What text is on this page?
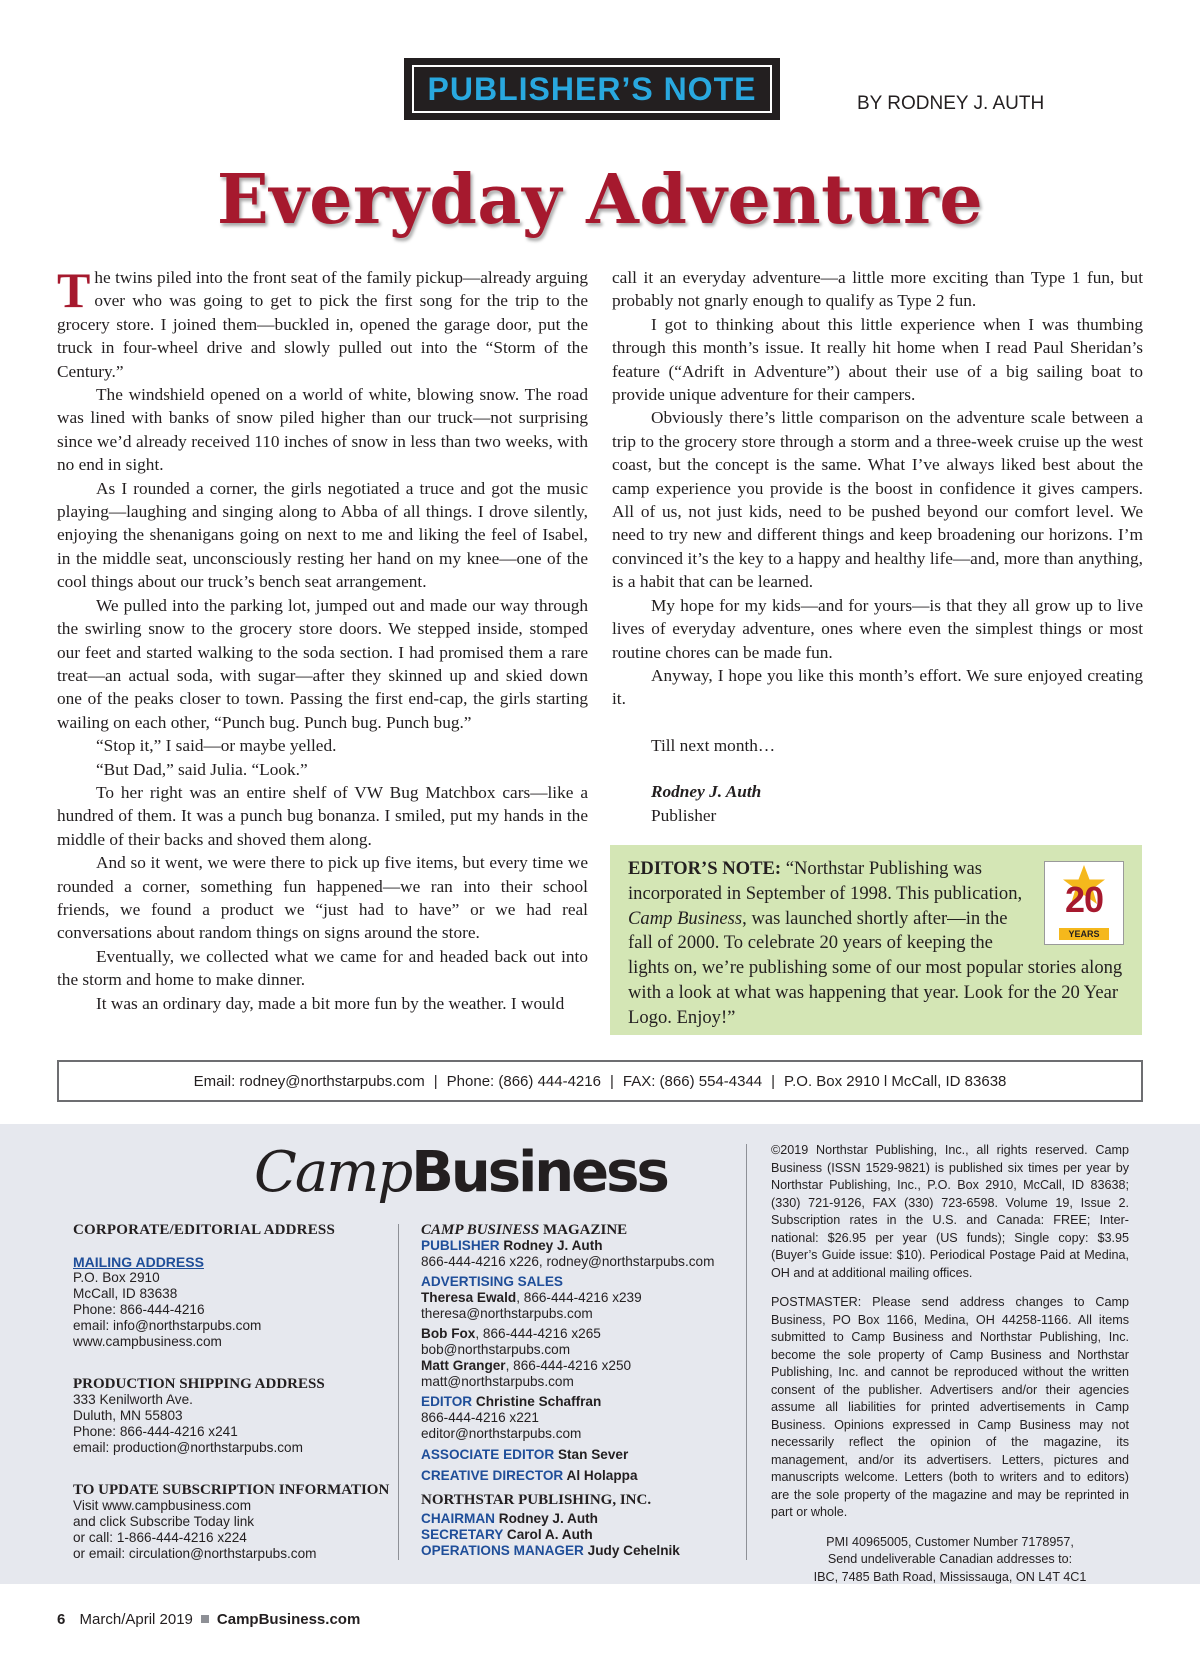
PUBLISHER’S NOTE	BY RODNEY J. AUTH
Everyday Adventure

The twins piled into the front seat of the family pickup—already arguing over who was going to get to pick the first song for the trip to the grocery store. I joined them—buckled in, opened the garage door, put the truck in four-wheel drive and slowly pulled out into the “Storm of the Century.”

The windshield opened on a world of white, blowing snow. The road was lined with banks of snow piled higher than our truck—not surprising since we’d already received 110 inches of snow in less than two weeks, with no end in sight.

As I rounded a corner, the girls negotiated a truce and got the music playing—laughing and singing along to Abba of all things. I drove silently, enjoying the shenanigans going on next to me and liking the feel of Isabel, in the middle seat, unconsciously resting her hand on my knee—one of the cool things about our truck’s bench seat arrangement.

We pulled into the parking lot, jumped out and made our way through the swirling snow to the grocery store doors. We stepped inside, stomped our feet and started walking to the soda section. I had promised them a rare treat—an actual soda, with sugar—after they skinned up and skied down one of the peaks closer to town. Passing the first end-cap, the girls starting wailing on each other, “Punch bug. Punch bug. Punch bug.”

“Stop it,” I said—or maybe yelled.

“But Dad,” said Julia. “Look.”

To her right was an entire shelf of VW Bug Matchbox cars—like a hundred of them. It was a punch bug bonanza. I smiled, put my hands in the middle of their backs and shoved them along.

And so it went, we were there to pick up five items, but every time we rounded a corner, something fun happened—we ran into their school friends, we found a product we “just had to have” or we had real conversations about random things on signs around the store.

Eventually, we collected what we came for and headed back out into the storm and home to make dinner.

It was an ordinary day, made a bit more fun by the weather. I would

call it an everyday adventure—a little more exciting than Type 1 fun, but probably not gnarly enough to qualify as Type 2 fun.

I got to thinking about this little experience when I was thumbing through this month’s issue. It really hit home when I read Paul Sheridan’s feature (“Adrift in Adventure”) about their use of a big sailing boat to provide unique adventure for their campers.

Obviously there’s little comparison on the adventure scale between a trip to the grocery store through a storm and a three-week cruise up the west coast, but the concept is the same. What I’ve always liked best about the camp experience you provide is the boost in confidence it gives campers. All of us, not just kids, need to be pushed beyond our comfort level. We need to try new and different things and keep broadening our horizons. I’m convinced it’s the key to a happy and healthy life—and, more than anything, is a habit that can be learned.

My hope for my kids—and for yours—is that they all grow up to live lives of everyday adventure, ones where even the simplest things or most routine chores can be made fun.

Anyway, I hope you like this month’s effort. We sure enjoyed creating it.

Till next month…

Rodney J. Auth

Publisher

20
YEARS
EDITOR’S NOTE: “Northstar Publishing was incorporated in September of 1998. This publication, Camp Business, was launched shortly after—in the fall of 2000. To celebrate 20 years of keeping the lights on, we’re publishing some of our most popular stories along with a look at what was happening that year. Look for the 20 Year Logo. Enjoy!”
Email: rodney@northstarpubs.com | Phone: (866) 444-4216 | FAX: (866) 554-4344 | P.O. Box 2910 l McCall, ID 83638
CampBusiness
CORPORATE/EDITORIAL ADDRESS
MAILING ADDRESS
P.O. Box 2910
McCall, ID 83638
Phone: 866-444-4216
email: info@northstarpubs.com
www.campbusiness.com
PRODUCTION SHIPPING ADDRESS
333 Kenilworth Ave.
Duluth, MN 55803
Phone: 866-444-4216 x241
email: production@northstarpubs.com
TO UPDATE SUBSCRIPTION INFORMATION
Visit www.campbusiness.com
and click Subscribe Today link
or call: 1-866-444-4216 x224
or email: circulation@northstarpubs.com
CAMP BUSINESS MAGAZINE
PUBLISHER Rodney J. Auth
866-444-4216 x226, rodney@northstarpubs.com
ADVERTISING SALES
Theresa Ewald, 866-444-4216 x239
theresa@northstarpubs.com
Bob Fox, 866-444-4216 x265
bob@northstarpubs.com
Matt Granger, 866-444-4216 x250
matt@northstarpubs.com
EDITOR Christine Schaffran
866-444-4216 x221
editor@northstarpubs.com
ASSOCIATE EDITOR Stan Sever
CREATIVE DIRECTOR Al Holappa
NORTHSTAR PUBLISHING, INC.
CHAIRMAN Rodney J. Auth
SECRETARY Carol A. Auth
OPERATIONS MANAGER Judy Cehelnik

©2019 Northstar Publishing, Inc., all rights reserved. Camp Business (ISSN 1529-9821) is published six times per year by Northstar Publishing, Inc., P.O. Box 2910, McCall, ID 83638; (330) 721-9126, FAX (330) 723-6598. Volume 19, Issue 2. Subscription rates in the U.S. and Canada: FREE; Inter-national: $26.95 per year (US funds); Single copy: $3.95 (Buyer’s Guide issue: $10). Periodical Postage Paid at Medina, OH and at additional mailing offices.

POSTMASTER: Please send address changes to Camp Business, PO Box 1166, Medina, OH 44258-1166. All items submitted to Camp Business and Northstar Publishing, Inc. become the sole property of Camp Business and Northstar Publishing, Inc. and cannot be reproduced without the written consent of the publisher. Advertisers and/or their agencies assume all liabilities for printed advertisements in Camp Business. Opinions expressed in Camp Business may not necessarily reflect the opinion of the magazine, its management, and/or its advertisers. Letters, pictures and manuscripts welcome. Letters (both to writers and to editors) are the sole property of the magazine and may be reprinted in part or whole.

PMI 40965005, Customer Number 7178957,
Send undeliverable Canadian addresses to:
IBC, 7485 Bath Road, Mississauga, ON L4T 4C1
6 March/April 2019 CampBusiness.com
